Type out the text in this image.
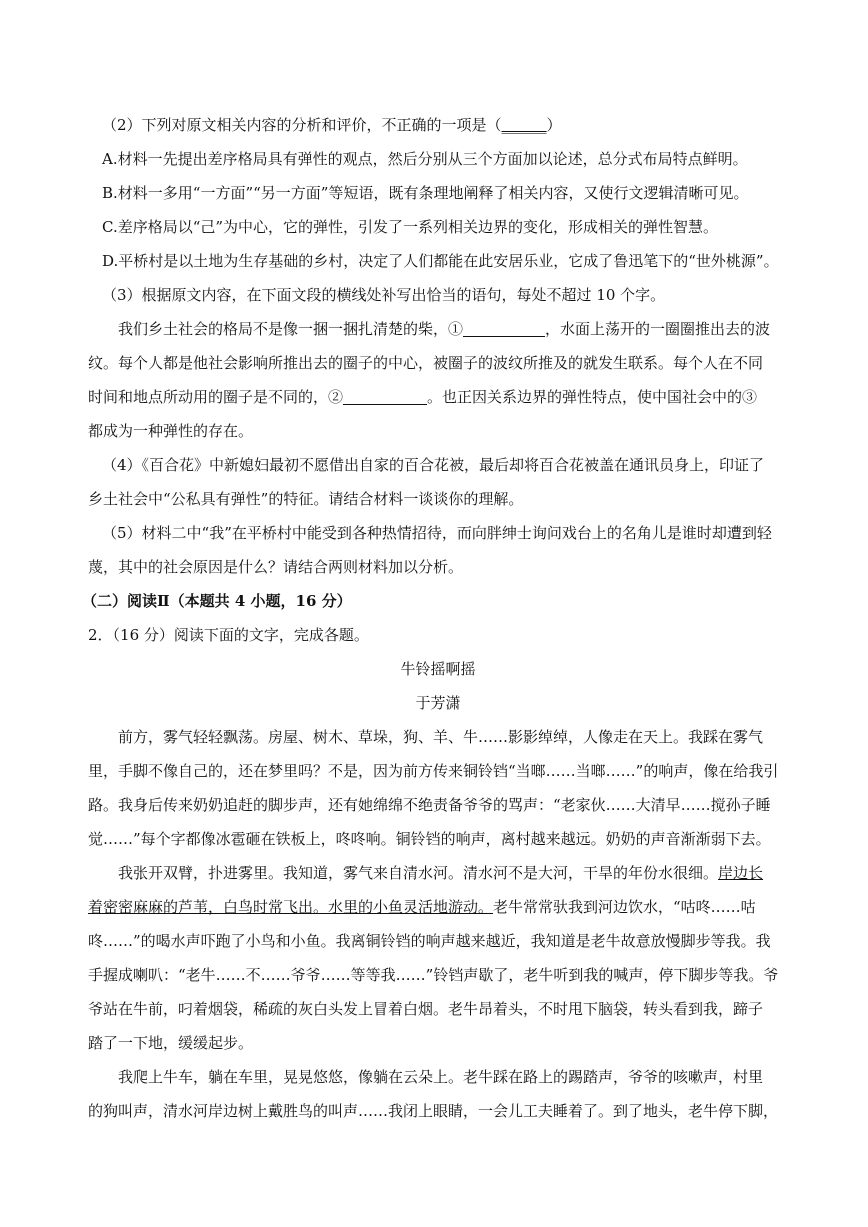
（2）下列对原文相关内容的分析和评价，不正确的一项是（______）

A.材料一先提出差序格局具有弹性的观点，然后分别从三个方面加以论述，总分式布局特点鲜明。

B.材料一多用“一方面”“另一方面”等短语，既有条理地阐释了相关内容，又使行文逻辑清晰可见。

C.差序格局以“己”为中心，它的弹性，引发了一系列相关边界的变化，形成相关的弹性智慧。

D.平桥村是以土地为生存基础的乡村，决定了人们都能在此安居乐业，它成了鲁迅笔下的“世外桃源”。

（3）根据原文内容，在下面文段的横线处补写出恰当的语句，每处不超过 10 个字。

我们乡土社会的格局不是像一捆一捆扎清楚的柴，①	，水面上荡开的一圈圈推出去的波

纹。每个人都是他社会影响所推出去的圈子的中心，被圈子的波纹所推及的就发生联系。每个人在不同

时间和地点所动用的圈子是不同的，②	。也正因关系边界的弹性特点，使中国社会中的③

都成为一种弹性的存在。

（4）《百合花》中新媳妇最初不愿借出自家的百合花被，最后却将百合花被盖在通讯员身上，印证了

乡土社会中“公私具有弹性”的特征。请结合材料一谈谈你的理解。

（5）材料二中“我”在平桥村中能受到各种热情招待，而向胖绅士询问戏台上的名角儿是谁时却遭到轻

蔑，其中的社会原因是什么？请结合两则材料加以分析。

（二）阅读Ⅱ（本题共 4 小题，16 分）

2．（16 分）阅读下面的文字，完成各题。

牛铃摇啊摇

于芳潇

前方，雾气轻轻飘荡。房屋、树木、草垛，狗、羊、牛……影影绰绰，人像走在天上。我踩在雾气

里，手脚不像自己的，还在梦里吗？不是，因为前方传来铜铃铛“当啷……当啷……”的响声，像在给我引

路。我身后传来奶奶追赶的脚步声，还有她绵绵不绝责备爷爷的骂声：“老家伙……大清早……搅孙子睡

觉……”每个字都像冰雹砸在铁板上，咚咚响。铜铃铛的响声，离村越来越远。奶奶的声音渐渐弱下去。

我张开双臂，扑进雾里。我知道，雾气来自清水河。清水河不是大河，干旱的年份水很细。岸边长

着密密麻麻的芦苇，白鸟时常飞出。水里的小鱼灵活地游动。老牛常常驮我到河边饮水，“咕咚……咕

咚……”的喝水声吓跑了小鸟和小鱼。我离铜铃铛的响声越来越近，我知道是老牛故意放慢脚步等我。我

手握成喇叭：“老牛……不……爷爷……等等我……”铃铛声歇了，老牛听到我的喊声，停下脚步等我。爷

爷站在牛前，叼着烟袋，稀疏的灰白头发上冒着白烟。老牛昂着头，不时甩下脑袋，转头看到我，蹄子

踏了一下地，缓缓起步。

我爬上牛车，躺在车里，晃晃悠悠，像躺在云朵上。老牛踩在路上的踢踏声，爷爷的咳嗽声，村里

的狗叫声，清水河岸边树上戴胜鸟的叫声……我闭上眼睛，一会儿工夫睡着了。到了地头，老牛停下脚，
